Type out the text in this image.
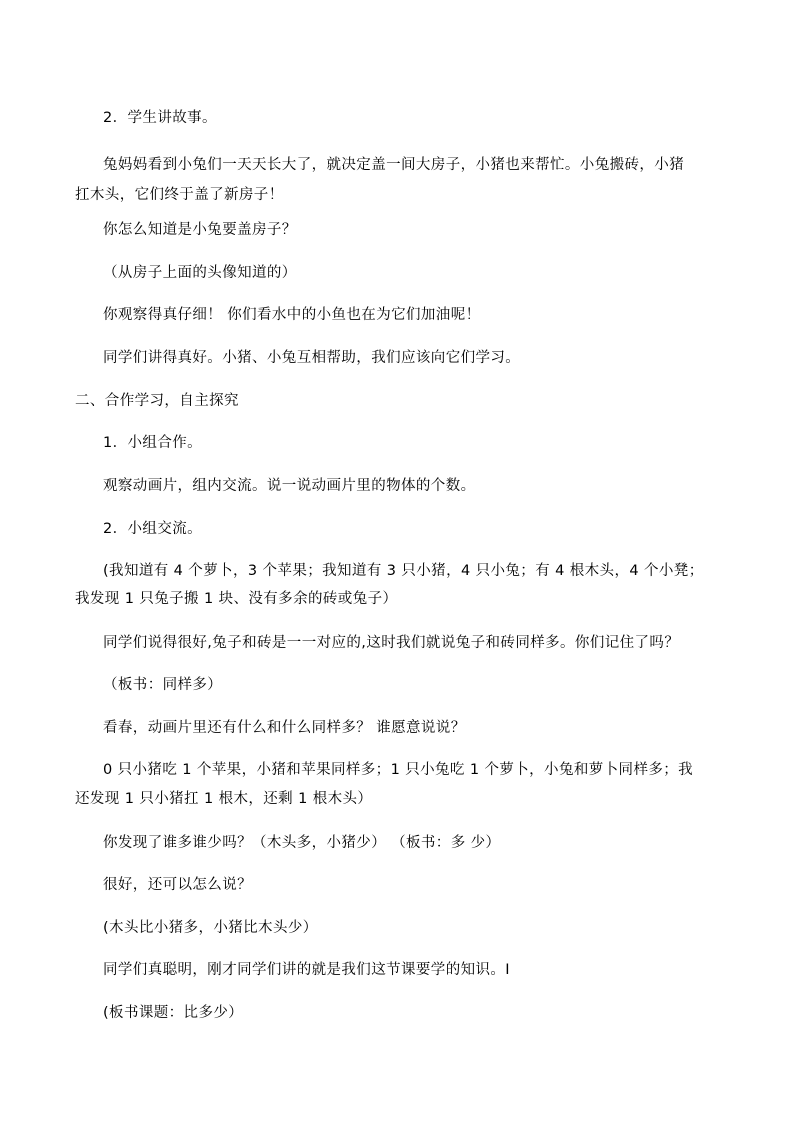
2．学生讲故事。

兔妈妈看到小兔们一天天长大了，就决定盖一间大房子，小猪也来帮忙。小兔搬砖，小猪

扛木头，它们终于盖了新房子！

你怎么知道是小兔要盖房子？

（从房子上面的头像知道的）

你观察得真仔细！ 你们看水中的小鱼也在为它们加油呢！

同学们讲得真好。小猪、小兔互相帮助，我们应该向它们学习。

二、合作学习，自主探究

1．小组合作。

观察动画片，组内交流。说一说动画片里的物体的个数。

2．小组交流。

(我知道有 4 个萝卜，3 个苹果；我知道有 3 只小猪，4 只小兔；有 4 根木头，4 个小凳；

我发现 1 只兔子搬 1 块、没有多余的砖或兔子）

同学们说得很好,兔子和砖是一一对应的,这时我们就说兔子和砖同样多。你们记住了吗？

（板书：同样多）

看春，动画片里还有什么和什么同样多？ 谁愿意说说？

0 只小猪吃 1 个苹果，小猪和苹果同样多；1 只小兔吃 1 个萝卜，小兔和萝卜同样多；我

还发现 1 只小猪扛 1 根木，还剩 1 根木头）

你发现了谁多谁少吗？（木头多，小猪少） （板书：多 少）

很好，还可以怎么说？

(木头比小猪多，小猪比木头少）

同学们真聪明，刚才同学们讲的就是我们这节课要学的知识。I

(板书课题：比多少）
